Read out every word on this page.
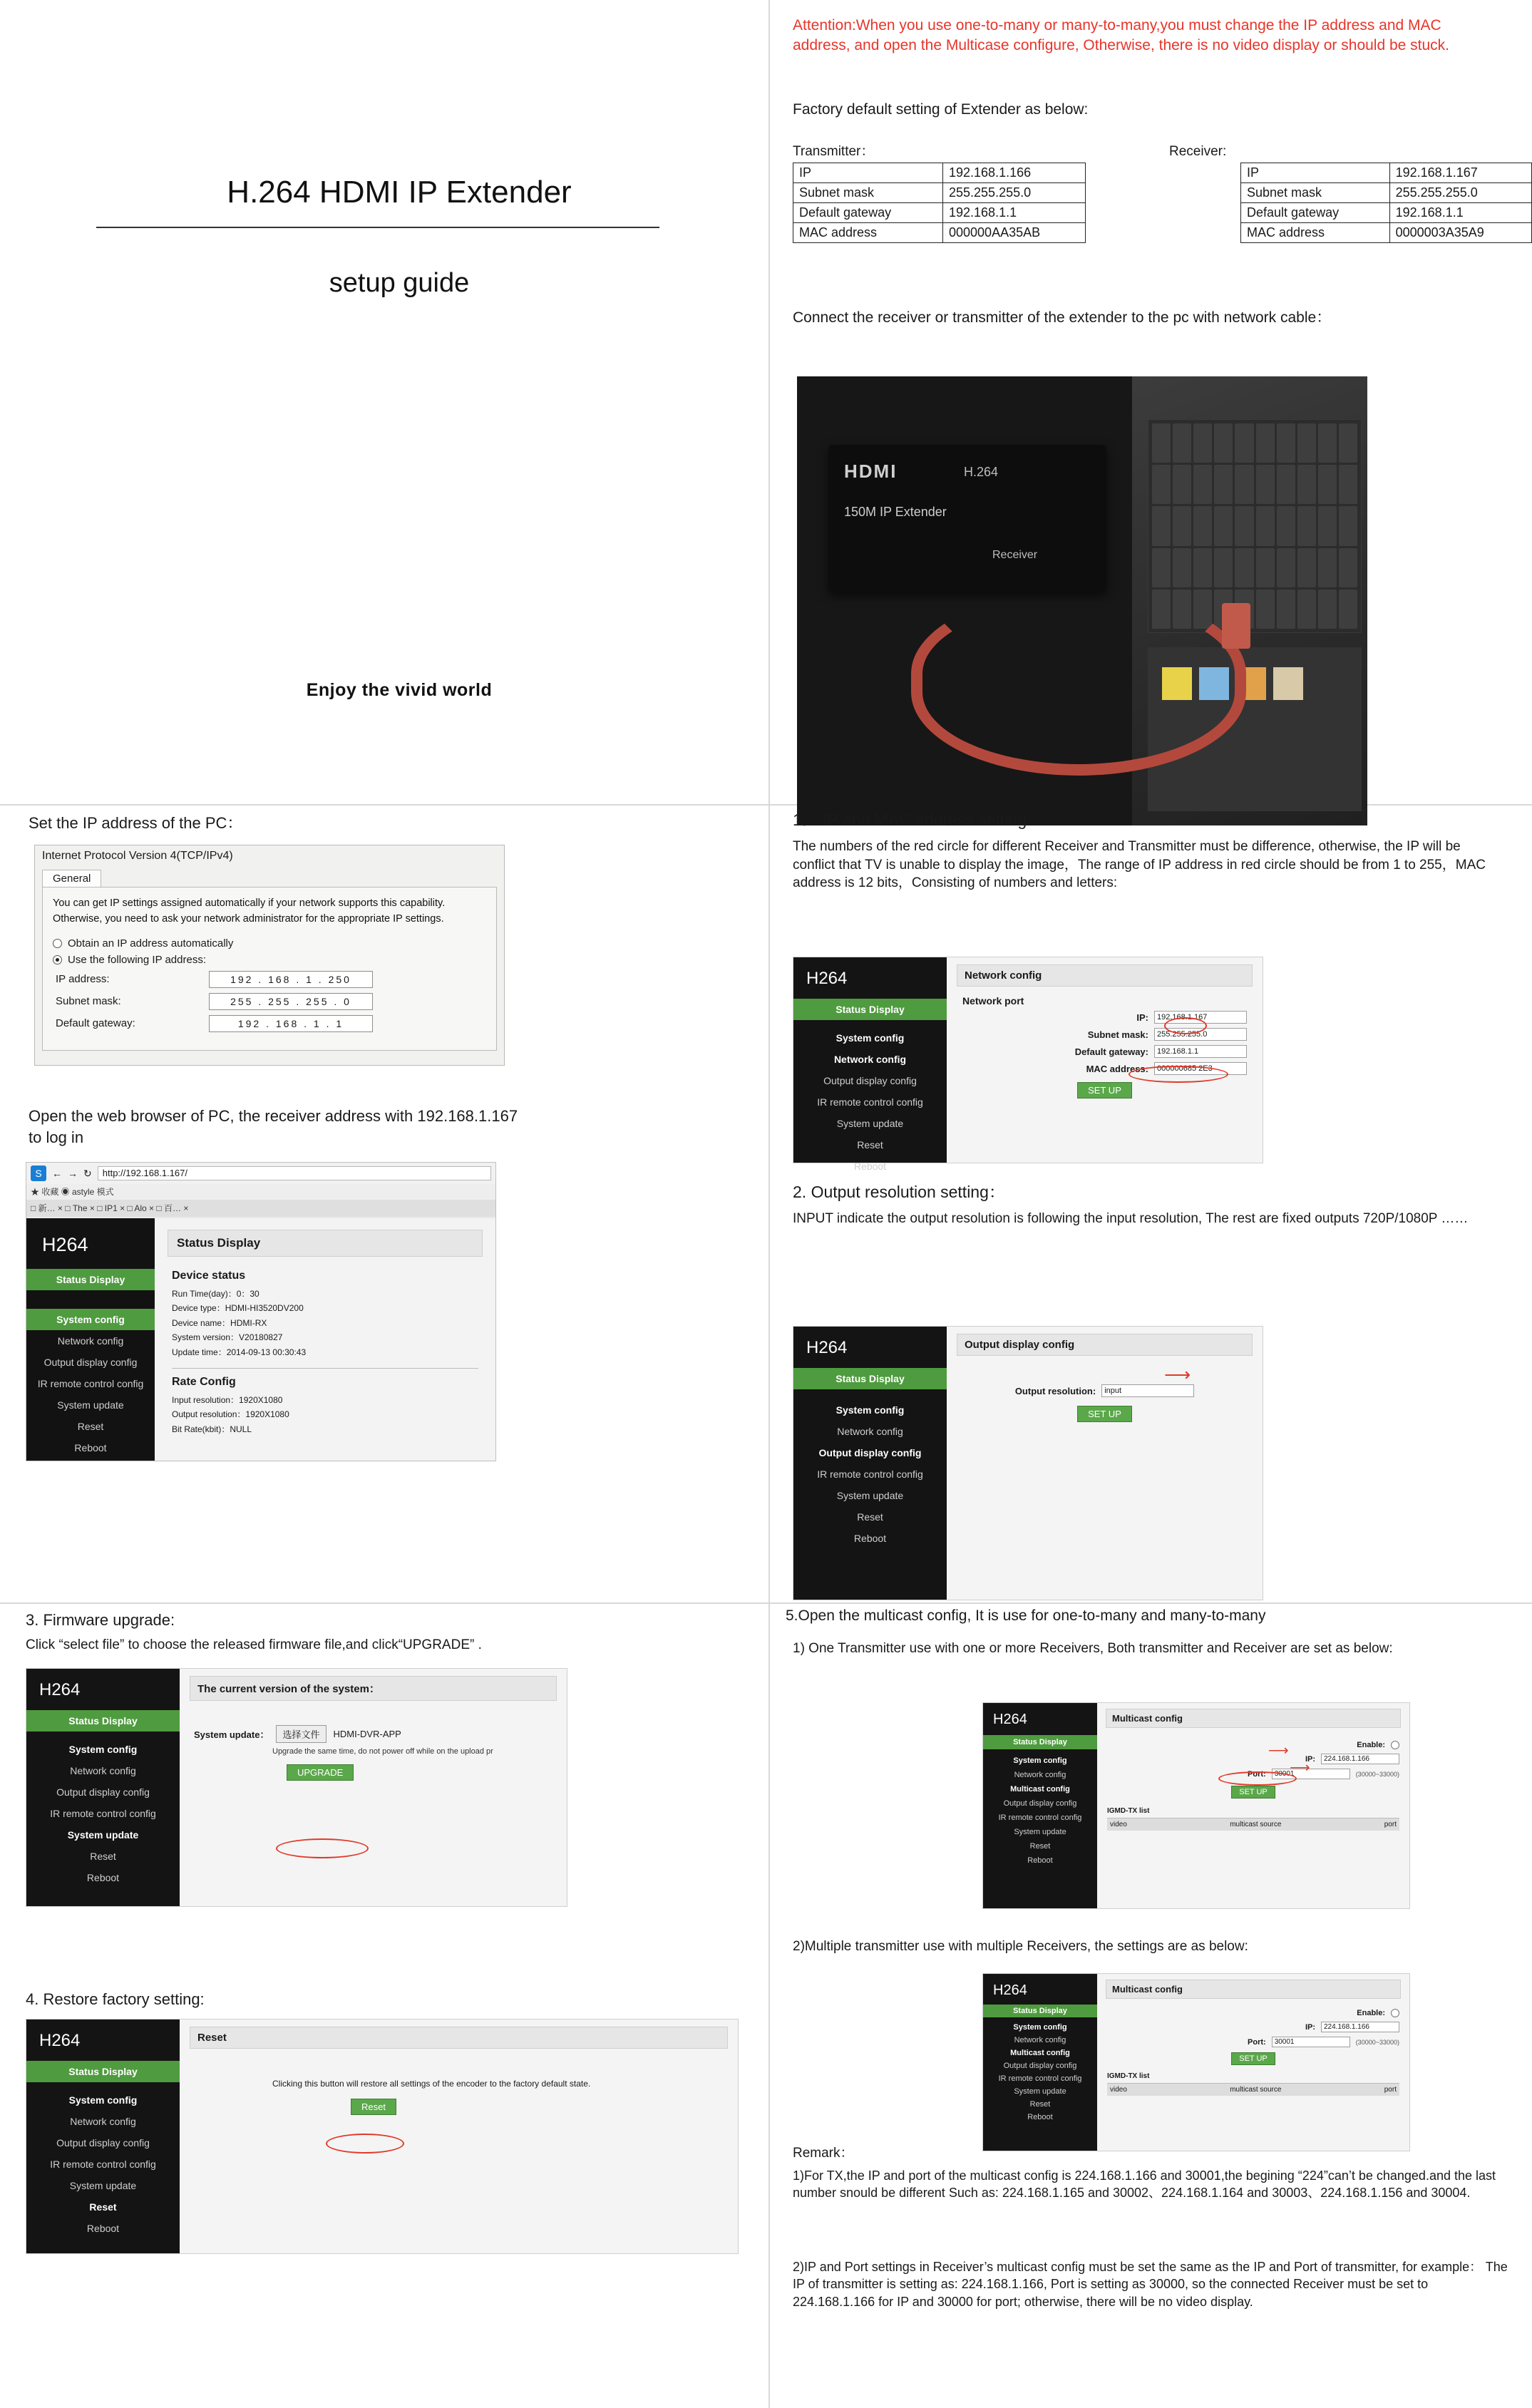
H.264 HDMI IP Extender
setup guide
Enjoy the vivid world
Attention:When you use one-to-many or many-to-many,you must change the IP address and MAC address, and open the Multicase configure, Otherwise, there is no video display or should be stuck.
Factory default setting of Extender as below:
Transmitter：	Receiver:
IP	192.168.1.166
Subnet mask	255.255.255.0
Default gateway	192.168.1.1
MAC address	000000AA35AB
IP	192.168.1.167
Subnet mask	255.255.255.0
Default gateway	192.168.1.1
MAC address	0000003A35A9
Connect the receiver or transmitter of the extender to the pc with network cable：
HDMI	H.264
150M IP Extender
Receiver
Set the IP address of the PC：
Internet Protocol Version 4(TCP/IPv4)
General

You can get IP settings assigned automatically if your network supports this capability. Otherwise, you need to ask your network administrator for the appropriate IP settings.

Obtain an IP address automatically
Use the following IP address:
IP address:	192 . 168 . 1 . 250
Subnet mask:	255 . 255 . 255 . 0
Default gateway:	192 . 168 . 1 . 1
Open the web browser of PC, the receiver address with 192.168.1.167 to log in
S	← → ↻	http://192.168.1.167/
★ 收藏 ◉ astyle 模式
□ 新… × □ The × □ IP1 × □ Alo × □ 百… ×
H264
Status Display
System config
Network config
Output display config
IR remote control config
System update
Reset
Reboot
Status Display
Device status
Run Time(day)：0：30
Device type：HDMI-HI3520DV200
Device name：HDMI-RX
System version：V20180827
Update time：2014-09-13 00:30:43
Rate Config
Input resolution：1920X1080
Output resolution：1920X1080
Bit Rate(kbit)：NULL
1． IP and MAC address setting.
The numbers of the red circle for different Receiver and Transmitter must be difference, otherwise, the IP will be conflict that TV is unable to display the image，The range of IP address in red circle should be from 1 to 255，MAC address is 12 bits，Consisting of numbers and letters:
H264
Status Display
System config
Network config
Output display config
IR remote control config
System update
Reset
Reboot
Network config
Network port
IP:	192.168.1.167
Subnet mask:	255.255.255.0
Default gateway:	192.168.1.1
MAC address:	000000685 2E3
SET UP
2. Output resolution setting：
INPUT indicate the output resolution is following the input resolution, The rest are fixed outputs 720P/1080P ……
H264
Status Display
System config
Network config
Output display config
IR remote control config
System update
Reset
Reboot
Output display config
Output resolution:	input
SET UP
⟶
3. Firmware upgrade:
Click “select file” to choose the released firmware file,and click“UPGRADE” .
H264
Status Display
System config
Network config
Output display config
IR remote control config
System update
Reset
Reboot
The current version of the system：
System update：	选择文件	HDMI-DVR-APP
Upgrade the same time, do not power off while on the upload pr
UPGRADE
4. Restore factory setting:
H264
Status Display
System config
Network config
Output display config
IR remote control config
System update
Reset
Reboot
Reset
Clicking this button will restore all settings of the encoder to the factory default state.
Reset
5.Open the multicast config, It is use for one-to-many and many-to-many
1) One Transmitter use with one or more Receivers, Both transmitter and Receiver are set as below:
H264
Status Display
System config
Network config
Multicast config
Output display config
IR remote control config
System update
Reset
Reboot
Multicast config
Enable:
IP:	224.168.1.166
Port:	30001	(30000~33000)
SET UP
IGMD-TX list
video	multicast source	port
⟶
⟶
2)Multiple transmitter use with multiple Receivers, the settings are as below:
H264
Status Display
System config
Network config
Multicast config
Output display config
IR remote control config
System update
Reset
Reboot
Multicast config
Enable:
IP:	224.168.1.166
Port:	30001	(30000~33000)
SET UP
IGMD-TX list
video	multicast source	port
Remark：
1)For TX,the IP and port of the multicast config is 224.168.1.166 and 30001,the begining “224”can’t be changed.and the last number snould be different Such as: 224.168.1.165 and 30002、224.168.1.164 and 30003、224.168.1.156 and 30004.
2)IP and Port settings in Receiver’s multicast config must be set the same as the IP and Port of transmitter, for example： The IP of transmitter is setting as: 224.168.1.166, Port is setting as 30000, so the connected Receiver must be set to 224.168.1.166 for IP and 30000 for port; otherwise, there will be no video display.
